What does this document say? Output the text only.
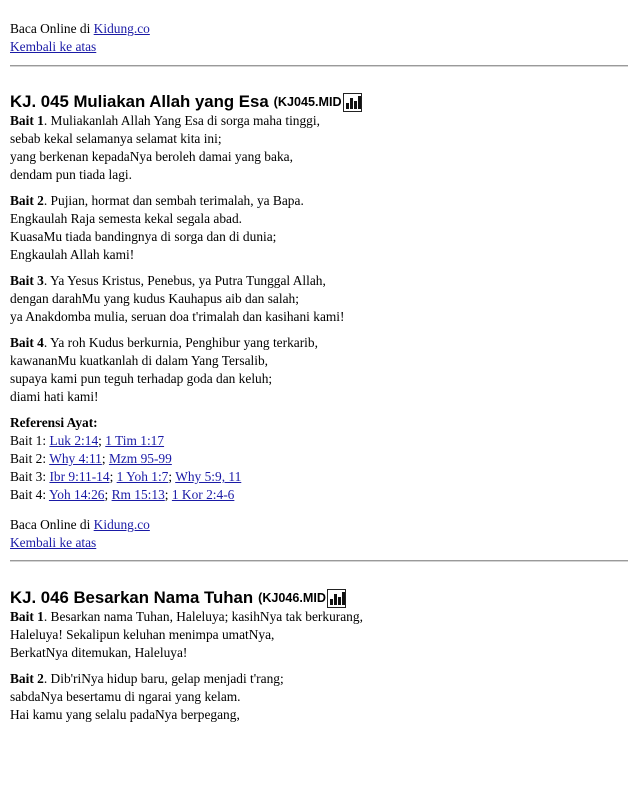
Baca Online di Kidung.co

Kembali ke atas

KJ. 045 Muliakan Allah yang Esa (KJ045.MID

Bait 1. Muliakanlah Allah Yang Esa di sorga maha tinggi,

sebab kekal selamanya selamat kita ini;

yang berkenan kepadaNya beroleh damai yang baka,

dendam pun tiada lagi.

Bait 2. Pujian, hormat dan sembah terimalah, ya Bapa.

Engkaulah Raja semesta kekal segala abad.

KuasaMu tiada bandingnya di sorga dan di dunia;

Engkaulah Allah kami!

Bait 3. Ya Yesus Kristus, Penebus, ya Putra Tunggal Allah,

dengan darahMu yang kudus Kauhapus aib dan salah;

ya Anakdomba mulia, seruan doa t'rimalah dan kasihani kami!

Bait 4. Ya roh Kudus berkurnia, Penghibur yang terkarib,

kawananMu kuatkanlah di dalam Yang Tersalib,

supaya kami pun teguh terhadap goda dan keluh;

diami hati kami!

Referensi Ayat:

Bait 1: Luk 2:14; 1 Tim 1:17

Bait 2: Why 4:11; Mzm 95-99

Bait 3: Ibr 9:11-14; 1 Yoh 1:7; Why 5:9, 11

Bait 4: Yoh 14:26; Rm 15:13; 1 Kor 2:4-6

Baca Online di Kidung.co

Kembali ke atas

KJ. 046 Besarkan Nama Tuhan (KJ046.MID

Bait 1. Besarkan nama Tuhan, Haleluya; kasihNya tak berkurang,

Haleluya! Sekalipun keluhan menimpa umatNya,

BerkatNya ditemukan, Haleluya!

Bait 2. Dib'riNya hidup baru, gelap menjadi t'rang;

sabdaNya besertamu di ngarai yang kelam.

Hai kamu yang selalu padaNya berpegang,
